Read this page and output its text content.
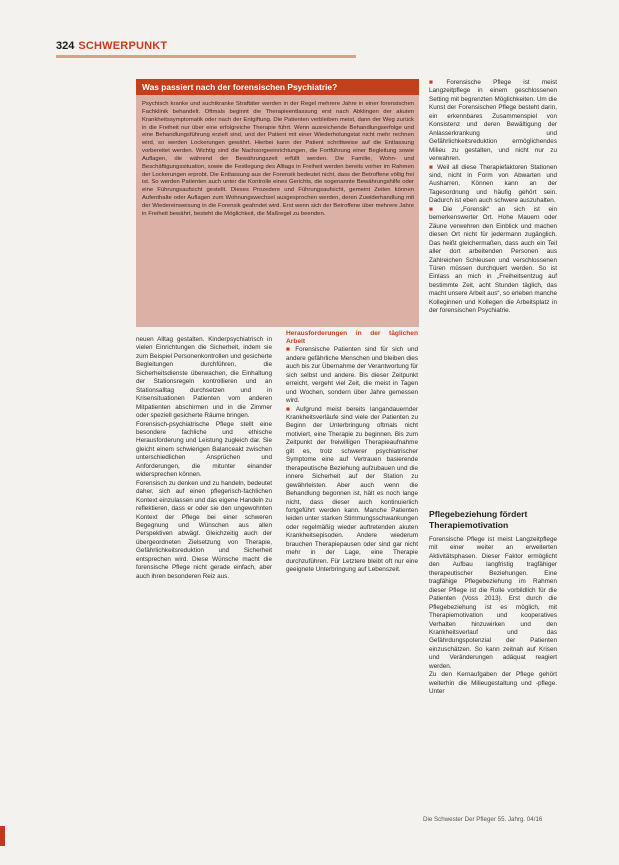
324 SCHWERPUNKT
Was passiert nach der forensischen Psychiatrie?

Psychisch kranke und suchtkranke Straftäter werden in der Regel mehrere Jahre in einer forensischen Fachklinik behandelt. Oftmals beginnt die Therapieentlassung erst nach Abklingen der akuten Krankheitssymptomatik oder nach der Entgiftung. Die Patienten verbleiben meist, dann der Weg zurück in die Freiheit nur über eine erfolgreiche Therapie führt. Wenn ausreichende Behandlungserfolge und eine Behandlungsführung erzielt sind, und der Patient mit einer Wiederholungstat nicht mehr rechnen wird, so werden Lockerungen gewährt. Hierbei kann der Patient schrittweise auf die Entlassung vorbereitet werden. Wichtig sind die Nachsorgeeinrichtungen, die Fortführung einer Begleitung sowie Auflagen, die während der Bewährungszeit erfüllt werden. Die Familie, Wohn- und Beschäftigungssituation, sowie die Festlegung des Alltags in Freiheit werden bereits vorher im Rahmen der Lockerungen erprobt. Die Entlassung aus der Forensik bedeutet nicht, dass der Betroffene völlig frei ist. So werden Patienten auch unter die Kontrolle eines Gerichts, die sogenannte Bewährungshilfe oder eine Führungsaufsicht gestellt. Dieses Prozedere und Führungsaufsicht, gemeint Zeiten können Aufenthalte oder Auflagen zum Wohnungswechsel ausgesprochen werden, deren Zuwiderhandlung mit der Wiedereinweisung in die Forensik geahndet wird. Erst wenn sich der Betroffene über mehrere Jahre in Freiheit bewährt, besteht die Möglichkeit, die Maßregel zu beenden.

neuen Alltag gestalten. Kinderpsychiatrisch in vielen Einrichtungen die Sicherheit, indem sie zum Beispiel Personenkontrollen und gesicherte Begleitungen durchführen, die Sicherheitsdienste überwachen, die Einhaltung der Stationsregeln kontrollieren und an Stationsalltag durchsetzen und in Krisensituationen Patienten vom anderen Mitpatienten abschirmen und in die Zimmer oder speziell gesicherte Räume bringen.

Forensisch-psychiatrische Pflege stellt eine besondere fachliche und ethische Herausforderung und Leistung zugleich dar. Sie gleicht einem schwierigen Balanceakt zwischen unterschiedlichen Ansprüchen und Anforderungen, die mitunter einander widersprechen können.

Forensisch zu denken und zu handeln, bedeutet daher, sich auf einen pflegerisch-fachlichen Kontext einzulassen und das eigene Handeln zu reflektieren, dass er oder sie den ungewohnten Kontext der Pflege bei einer schweren Begegnung und Wünschen aus allen Perspektiven abwägt. Gleichzeitig auch der übergeordneten Zielsetzung von Therapie, Gefährlichkeitsreduktion und Sicherheit entsprechen wird. Diese Wünsche macht die forensische Pflege nicht gerade einfach, aber auch ihren besonderen Reiz aus.

Herausforderungen in der täglichen Arbeit

■ Forensische Patienten sind für sich und andere gefährliche Menschen und bleiben dies auch bis zur Übernahme der Verantwortung für sich selbst und andere. Bis dieser Zeitpunkt erreicht, vergeht viel Zeit, die meist in Tagen und Wochen, sondern über Jahre gemessen wird.

■ Aufgrund meist bereits langandauernder Krankheitsverläufe sind viele der Patienten zu Beginn der Unterbringung oftmals nicht motiviert, eine Therapie zu beginnen. Bis zum Zeitpunkt der freiwilligen Therapieaufnahme gilt es, trotz schwerer psychiatrischer Symptome eine auf Vertrauen basierende therapeutische Beziehung aufzubauen und die innere Sicherheit auf der Station zu gewährleisten. Aber auch wenn die Behandlung begonnen ist, hält es noch lange nicht, dass dieser auch kontinuierlich fortgeführt werden kann. Manche Patienten leiden unter starken Stimmungsschwankungen oder regelmäßig wieder auftretenden akuten Krankheitsepisoden. Andere wiederum brauchen Therapiepausen oder sind gar nicht mehr in der Lage, eine Therapie durchzuführen. Für Letztere bleibt oft nur eine geeignete Unterbringung auf Lebenszeit.

■ Forensische Pflege ist meist Langzeitpflege in einem geschlossenen Setting mit begrenzten Möglichkeiten. Um die Kunst der Forensischen Pflege besteht darin, ein erkennbares Zusammenspiel von Konsistenz und deren Bewältigung der Anlasserkrankung und Gefährlichkeitsreduktion ermöglichendes Milieu zu gestalten, und nicht nur zu verwahren.

■ Weil all diese Therapiefaktoren Stationen sind, nicht in Form von Abwarten und Ausharren, Können kann an der Tagesordnung und häufig gehört sein. Dadurch ist eben auch schwere auszuhalten.

■ Die „Forensik“ an sich ist ein bemerkenswerter Ort. Hohe Mauern oder Zäune verwehren den Einblick und machen diesen Ort nicht für jedermann zugänglich. Das heißt gleichermaßen, dass auch ein Teil aller dort arbeitenden Personen aus Zahlreichen Schleusen und verschlossenen Türen müssen durchquert werden. So ist Einlass an mich in „Freiheitsentzug auf bestimmte Zeit, acht Stunden täglich, das macht unsere Arbeit aus“, so erleben manche Kolleginnen und Kollegen die Arbeitsplatz in der forensischen Psychiatrie.

Pflegebeziehung fördert Therapiemotivation

Forensische Pflege ist meist Langzeitpflege mit einer weiter an erweiterten Aktivitätsphasen. Dieser Faktor ermöglicht den Aufbau langfristig tragfähiger therapeutischer Beziehungen. Eine tragfähige Pflegebeziehung im Rahmen dieser Pflege ist die Rolle vorbildlich für die Patienten (Voss 2013). Erst durch die Pflegebeziehung ist es möglich, mit Therapiemotivation und kooperatives Verhalten hinzuwirken und den Krankheitsverlauf und das Gefährdungspotenzial der Patienten einzuschätzen. So kann zeitnah auf Krisen und Veränderungen adäquat reagiert werden.

Zu den Kernaufgaben der Pflege gehört weiterhin die Milieugestaltung und -pflege. Unter

Die Schwester Der Pfleger 55. Jahrg. 04/16
